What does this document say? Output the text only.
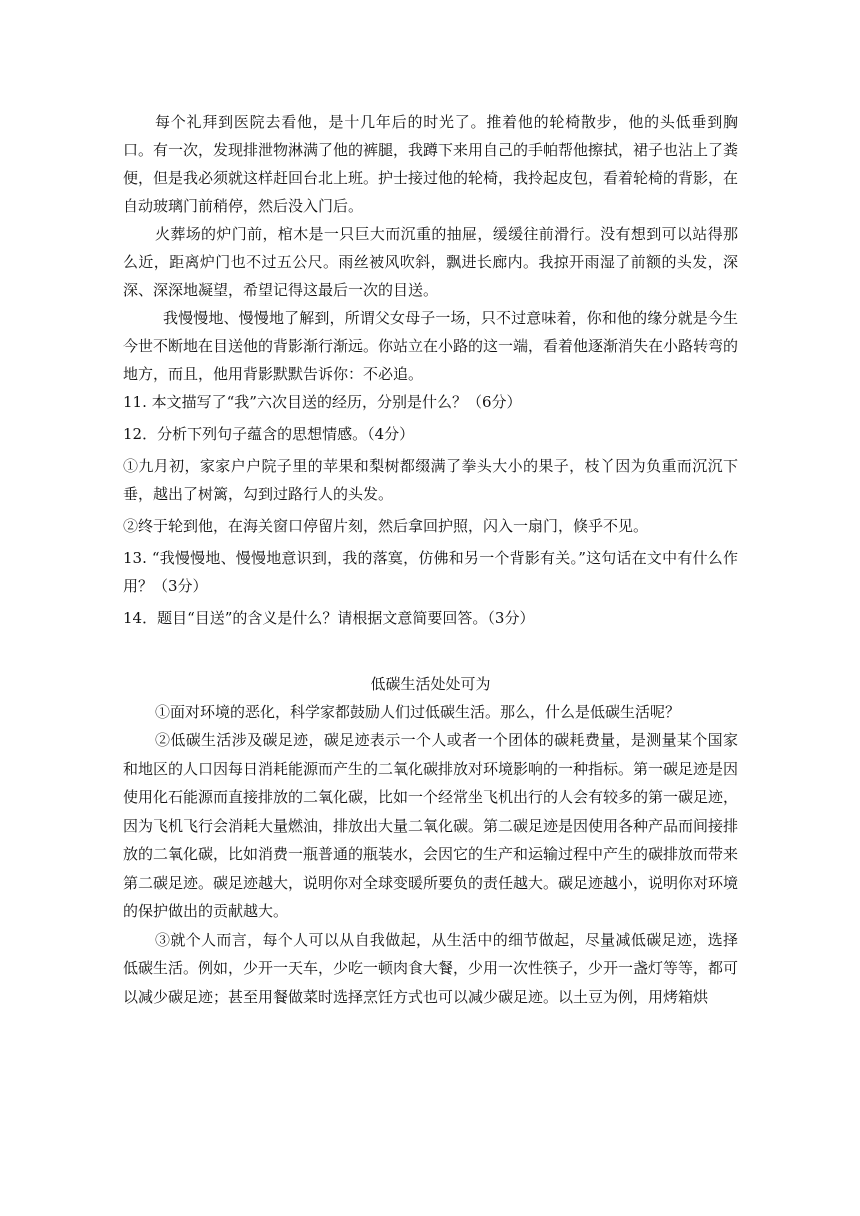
每个礼拜到医院去看他，是十几年后的时光了。推着他的轮椅散步，他的头低垂到胸口。有一次，发现排泄物淋满了他的裤腿，我蹲下来用自己的手帕帮他擦拭，裙子也沾上了粪便，但是我必须就这样赶回台北上班。护士接过他的轮椅，我拎起皮包，看着轮椅的背影，在自动玻璃门前稍停，然后没入门后。

火葬场的炉门前，棺木是一只巨大而沉重的抽屉，缓缓往前滑行。没有想到可以站得那么近，距离炉门也不过五公尺。雨丝被风吹斜，飘进长廊内。我掠开雨湿了前额的头发，深深、深深地凝望，希望记得这最后一次的目送。

我慢慢地、慢慢地了解到，所谓父女母子一场，只不过意味着，你和他的缘分就是今生今世不断地在目送他的背影渐行渐远。你站立在小路的这一端，看着他逐渐消失在小路转弯的地方，而且，他用背影默默告诉你：不必追。

11. 本文描写了“我”六次目送的经历，分别是什么？（6分）

12．分析下列句子蕴含的思想情感。（4分）

①九月初，家家户户院子里的苹果和梨树都缀满了拳头大小的果子，枝丫因为负重而沉沉下垂，越出了树篱，勾到过路行人的头发。

②终于轮到他，在海关窗口停留片刻，然后拿回护照，闪入一扇门，倏乎不见。

13. “我慢慢地、慢慢地意识到，我的落寞，仿佛和另一个背影有关。”这句话在文中有什么作用？（3分）

14．题目“目送”的含义是什么？请根据文意简要回答。（3分）

低碳生活处处可为

①面对环境的恶化，科学家都鼓励人们过低碳生活。那么，什么是低碳生活呢？

②低碳生活涉及碳足迹，碳足迹表示一个人或者一个团体的碳耗费量，是测量某个国家和地区的人口因每日消耗能源而产生的二氧化碳排放对环境影响的一种指标。第一碳足迹是因使用化石能源而直接排放的二氧化碳，比如一个经常坐飞机出行的人会有较多的第一碳足迹，因为飞机飞行会消耗大量燃油，排放出大量二氧化碳。第二碳足迹是因使用各种产品而间接排放的二氧化碳，比如消费一瓶普通的瓶装水，会因它的生产和运输过程中产生的碳排放而带来第二碳足迹。碳足迹越大，说明你对全球变暖所要负的责任越大。碳足迹越小，说明你对环境的保护做出的贡献越大。

③就个人而言，每个人可以从自我做起，从生活中的细节做起，尽量减低碳足迹，选择低碳生活。例如，少开一天车，少吃一顿肉食大餐，少用一次性筷子，少开一盏灯等等，都可以减少碳足迹；甚至用餐做菜时选择烹饪方式也可以减少碳足迹。以土豆为例，用烤箱烘
